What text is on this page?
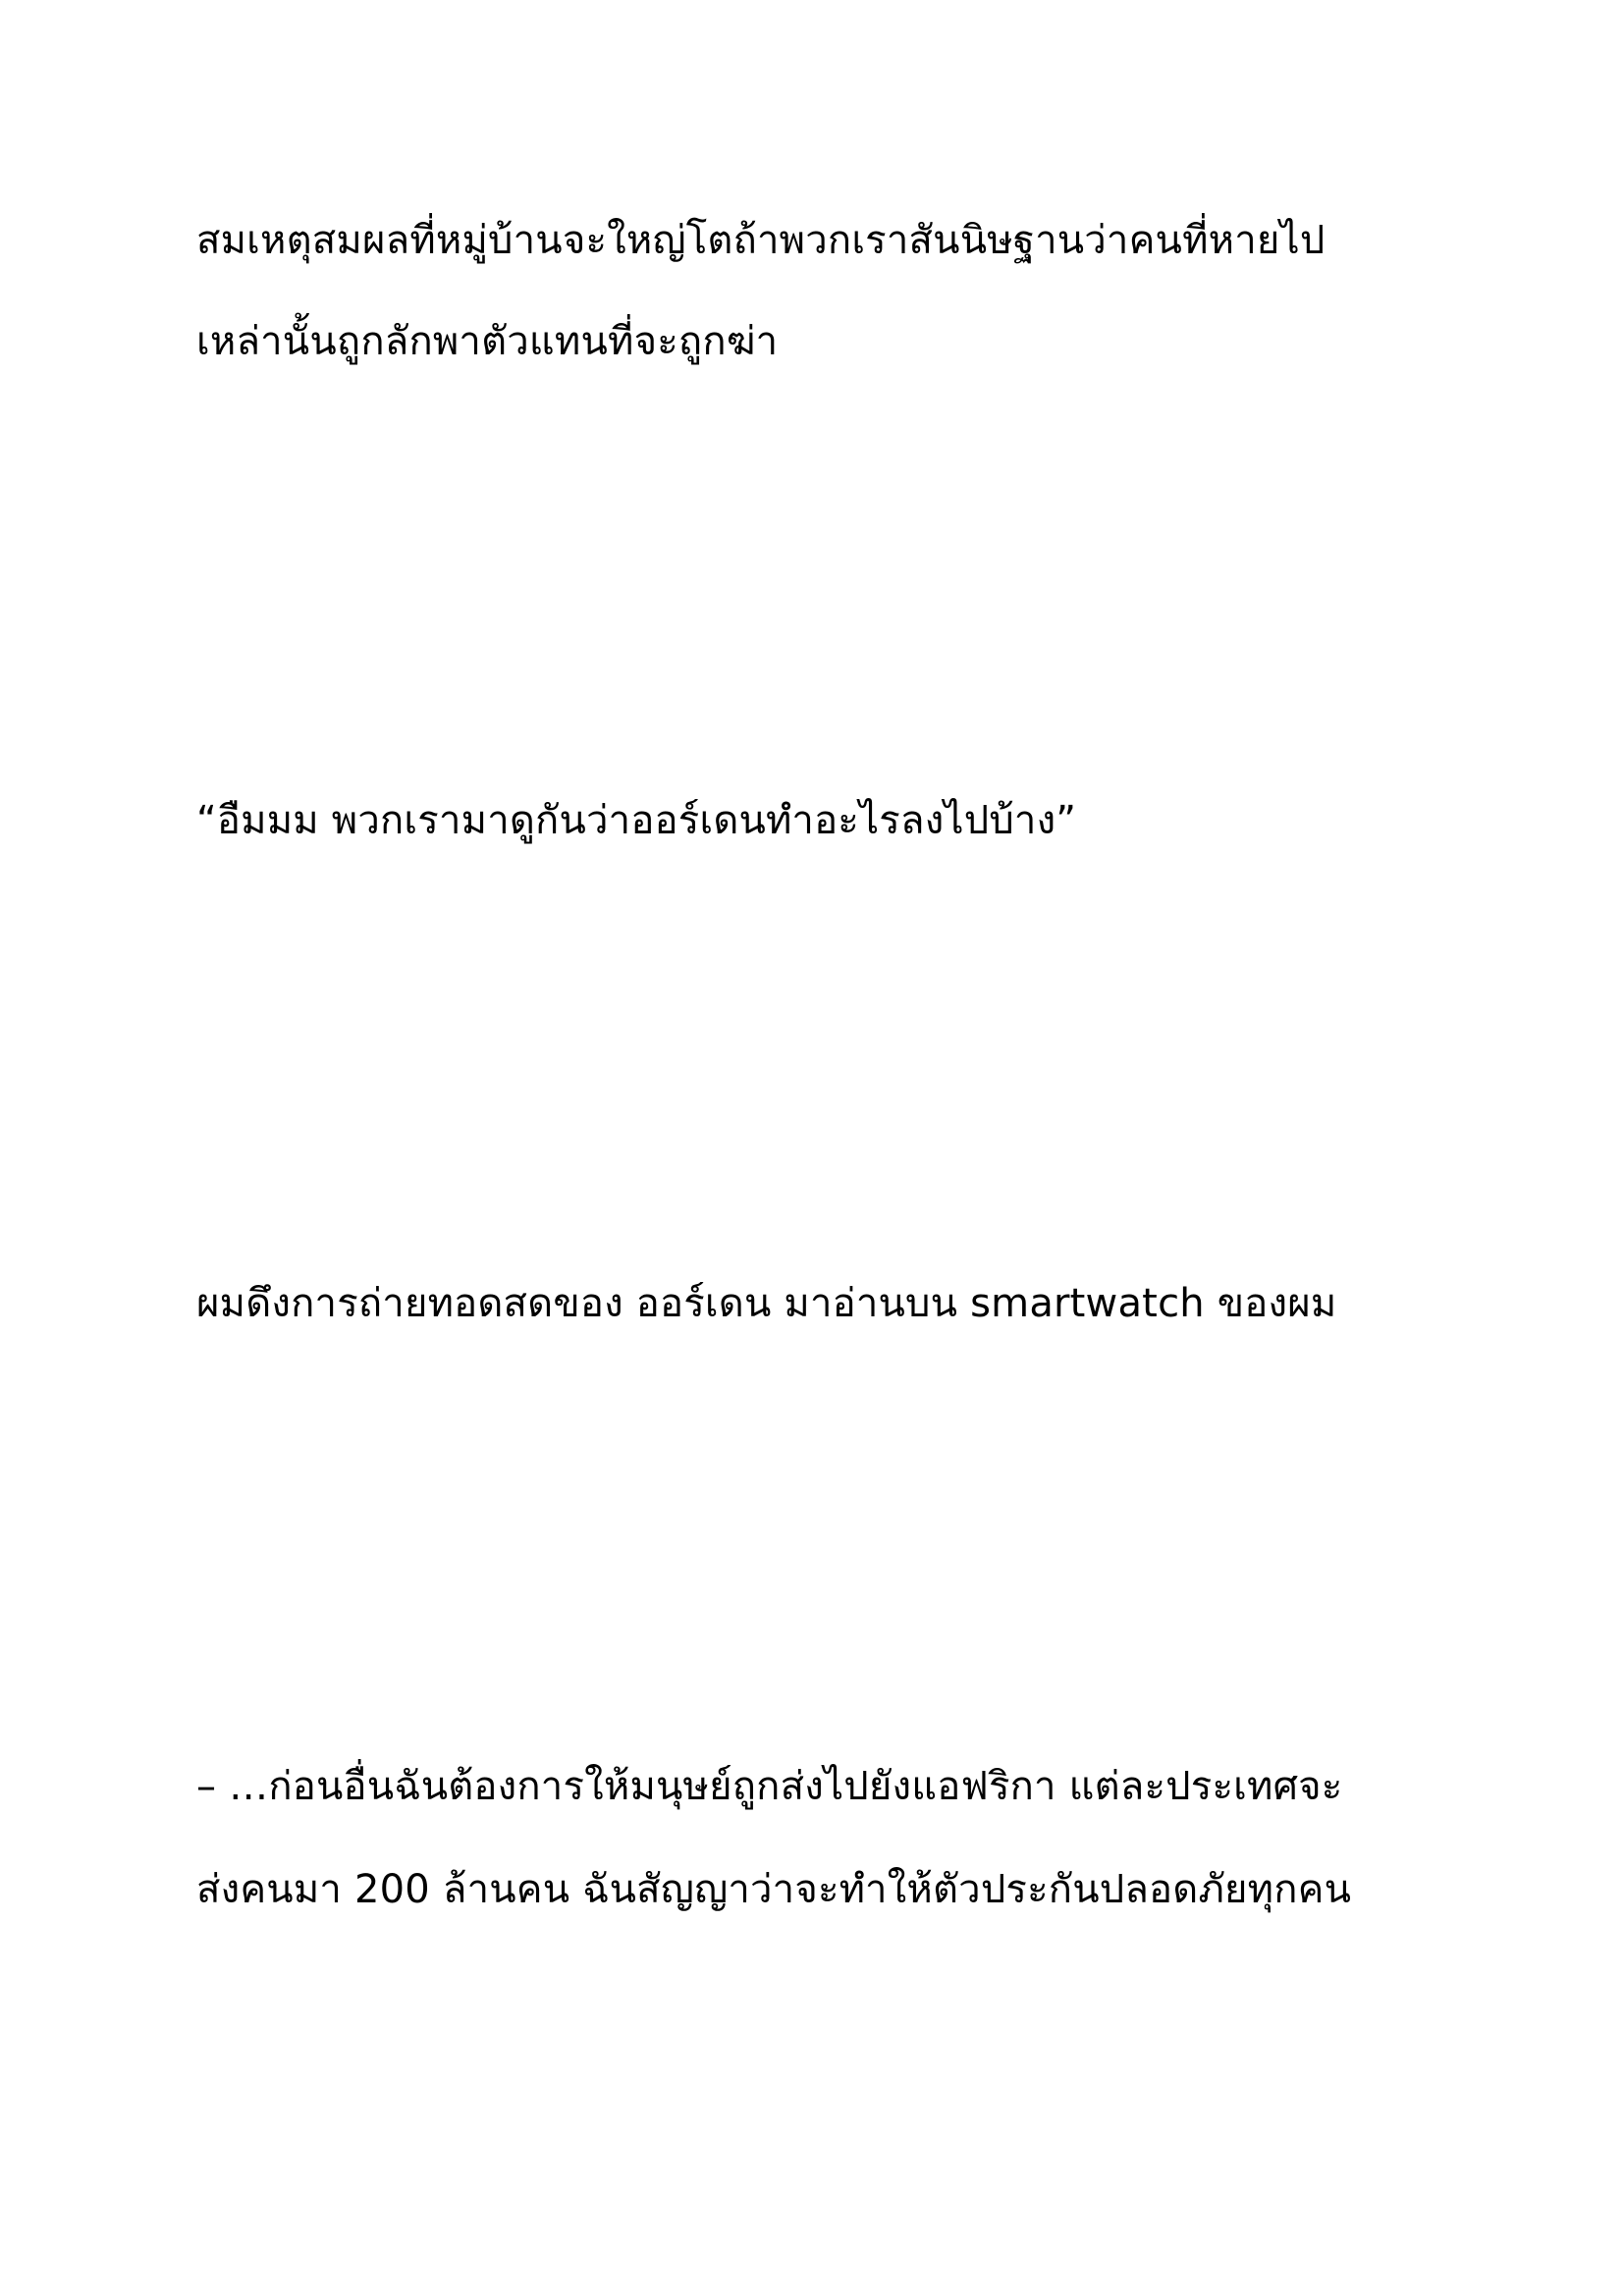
สมเหตุสมผลที่หมู่บ้านจะใหญ่โตถ้าพวกเราสันนิษฐานว่าคนที่หายไป
เหล่านั้นถูกลักพาตัวแทนที่จะถูกฆ่า
“อืมมม พวกเรามาดูกันว่าออร์เดนทำอะไรลงไปบ้าง”
ผมดึงการถ่ายทอดสดของ ออร์เดน มาอ่านบน smartwatch ของผม
– …ก่อนอื่นฉันต้องการให้มนุษย์ถูกส่งไปยังแอฟริกา แต่ละประเทศจะ
ส่งคนมา 200 ล้านคน ฉันสัญญาว่าจะทำให้ตัวประกันปลอดภัยทุกคน
